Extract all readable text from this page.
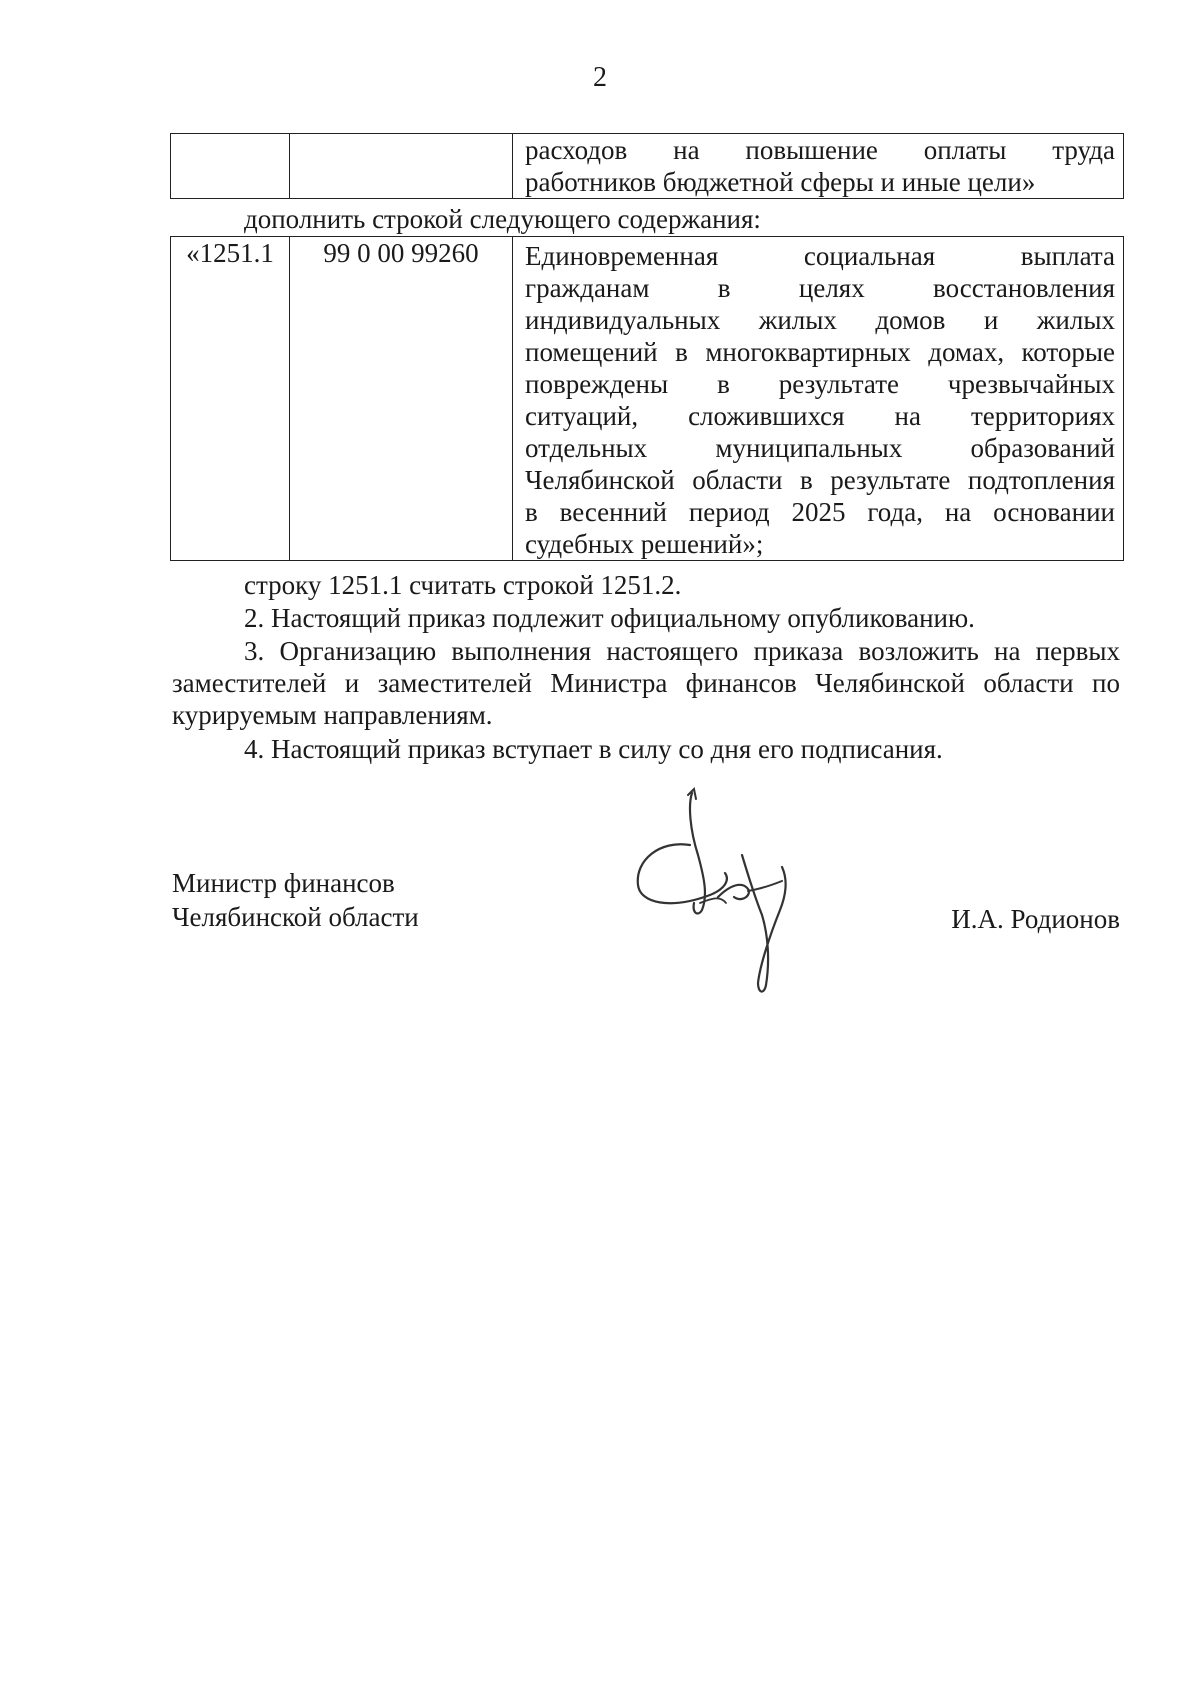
2

расходов на повышение оплаты труда
работников бюджетной сферы и иные цели»
дополнить строкой следующего содержания:
«1251.1	99 0 00 99260	Единовременная социальная выплата
гражданам в целях восстановления
индивидуальных жилых домов и жилых
помещений в многоквартирных домах, которые
повреждены в результате чрезвычайных
ситуаций, сложившихся на территориях
отдельных муниципальных образований
Челябинской области в результате подтопления
в весенний период 2025 года, на основании
судебных решений»;
строку 1251.1 считать строкой 1251.2.
2. Настоящий приказ подлежит официальному опубликованию.
3. Организацию выполнения настоящего приказа возложить на первых заместителей и заместителей Министра финансов Челябинской области по курируемым направлениям.
4. Настоящий приказ вступает в силу со дня его подписания.
Министр финансов
Челябинской области	И.А. Родионов
